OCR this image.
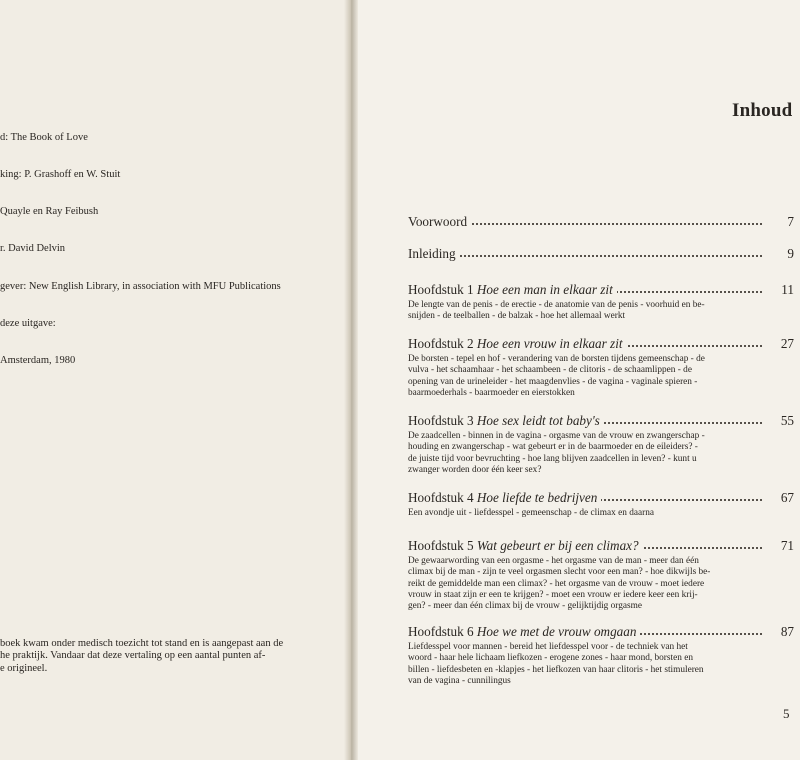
d: The Book of Love

king: P. Grashoff en W. Stuit

Quayle en Ray Feibush

r. David Delvin

gever: New English Library, in association with MFU Publications

deze uitgave:

Amsterdam, 1980

boek kwam onder medisch toezicht tot stand en is aangepast aan de
he praktijk. Vandaar dat deze vertaling op een aantal punten af-
e origineel.
Inhoud
Voorwoord	7
Inleiding	9
Hoofdstuk 1 Hoe een man in elkaar zit	11
De lengte van de penis - de erectie - de anatomie van de penis - voorhuid en be-
snijden - de teelballen - de balzak - hoe het allemaal werkt
Hoofdstuk 2 Hoe een vrouw in elkaar zit	27
De borsten - tepel en hof - verandering van de borsten tijdens gemeenschap - de
vulva - het schaamhaar - het schaambeen - de clitoris - de schaamlippen - de
opening van de urineleider - het maagdenvlies - de vagina - vaginale spieren -
baarmoederhals - baarmoeder en eierstokken
Hoofdstuk 3 Hoe sex leidt tot baby's	55
De zaadcellen - binnen in de vagina - orgasme van de vrouw en zwangerschap -
houding en zwangerschap - wat gebeurt er in de baarmoeder en de eileiders? -
de juiste tijd voor bevruchting - hoe lang blijven zaadcellen in leven? - kunt u
zwanger worden door één keer sex?
Hoofdstuk 4 Hoe liefde te bedrijven	67
Een avondje uit - liefdesspel - gemeenschap - de climax en daarna
Hoofdstuk 5 Wat gebeurt er bij een climax?	71
De gewaarwording van een orgasme - het orgasme van de man - meer dan één
climax bij de man - zijn te veel orgasmen slecht voor een man? - hoe dikwijls be-
reikt de gemiddelde man een climax? - het orgasme van de vrouw - moet iedere
vrouw in staat zijn er een te krijgen? - moet een vrouw er iedere keer een krij-
gen? - meer dan één climax bij de vrouw - gelijktijdig orgasme
Hoofdstuk 6 Hoe we met de vrouw omgaan	87
Liefdesspel voor mannen - bereid het liefdesspel voor - de techniek van het
woord - haar hele lichaam liefkozen - erogene zones - haar mond, borsten en
billen - liefdesbeten en -klapjes - het liefkozen van haar clitoris - het stimuleren
van de vagina - cunnilingus
5
